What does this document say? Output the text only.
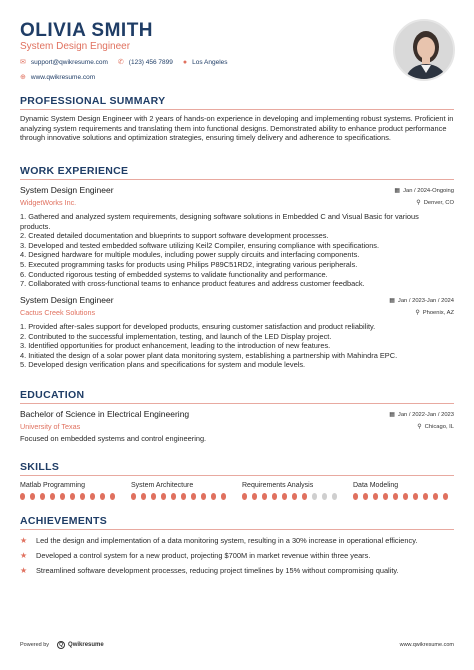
OLIVIA SMITH
System Design Engineer
✉ support@qwikresume.com ✆ (123) 456 7899 ● Los Angeles
⊕ www.qwikresume.com
PROFESSIONAL SUMMARY
Dynamic System Design Engineer with 2 years of hands-on experience in developing and implementing robust systems. Proficient in analyzing system requirements and translating them into functional designs. Demonstrated ability to enhance product performance through innovative solutions and optimization strategies, ensuring timely delivery and adherence to specifications.
WORK EXPERIENCE
System Design Engineer	▦ Jan / 2024-Ongoing
WidgetWorks Inc.	⚲ Denver, CO
1. Gathered and analyzed system requirements, designing software solutions in Embedded C and Visual Basic for various
products.
2. Created detailed documentation and blueprints to support software development processes.
3. Developed and tested embedded software utilizing Keil2 Compiler, ensuring compliance with specifications.
4. Designed hardware for multiple modules, including power supply circuits and interfacing components.
5. Executed programming tasks for products using Philips P89C51RD2, integrating various peripherals.
6. Conducted rigorous testing of embedded systems to validate functionality and performance.
7. Collaborated with cross-functional teams to enhance product features and address customer feedback.
System Design Engineer	▦ Jan / 2023-Jan / 2024
Cactus Creek Solutions	⚲ Phoenix, AZ
1. Provided after-sales support for developed products, ensuring customer satisfaction and product reliability.
2. Contributed to the successful implementation, testing, and launch of the LED Display project.
3. Identified opportunities for product enhancement, leading to the introduction of new features.
4. Initiated the design of a solar power plant data monitoring system, establishing a partnership with Mahindra EPC.
5. Developed design verification plans and specifications for system and module levels.
EDUCATION
Bachelor of Science in Electrical Engineering	▦ Jan / 2022-Jan / 2023
University of Texas	⚲ Chicago, IL
Focused on embedded systems and control engineering.
SKILLS
Matlab Programming	System Architecture	Requirements Analysis	Data Modeling
ACHIEVEMENTS
★	Led the design and implementation of a data monitoring system, resulting in a 30% increase in operational efficiency.
★	Developed a control system for a new product, projecting $700M in market revenue within three years.
★	Streamlined software development processes, reducing project timelines by 15% without compromising quality.
Powered by	Q Qwikresume	www.qwikresume.com
